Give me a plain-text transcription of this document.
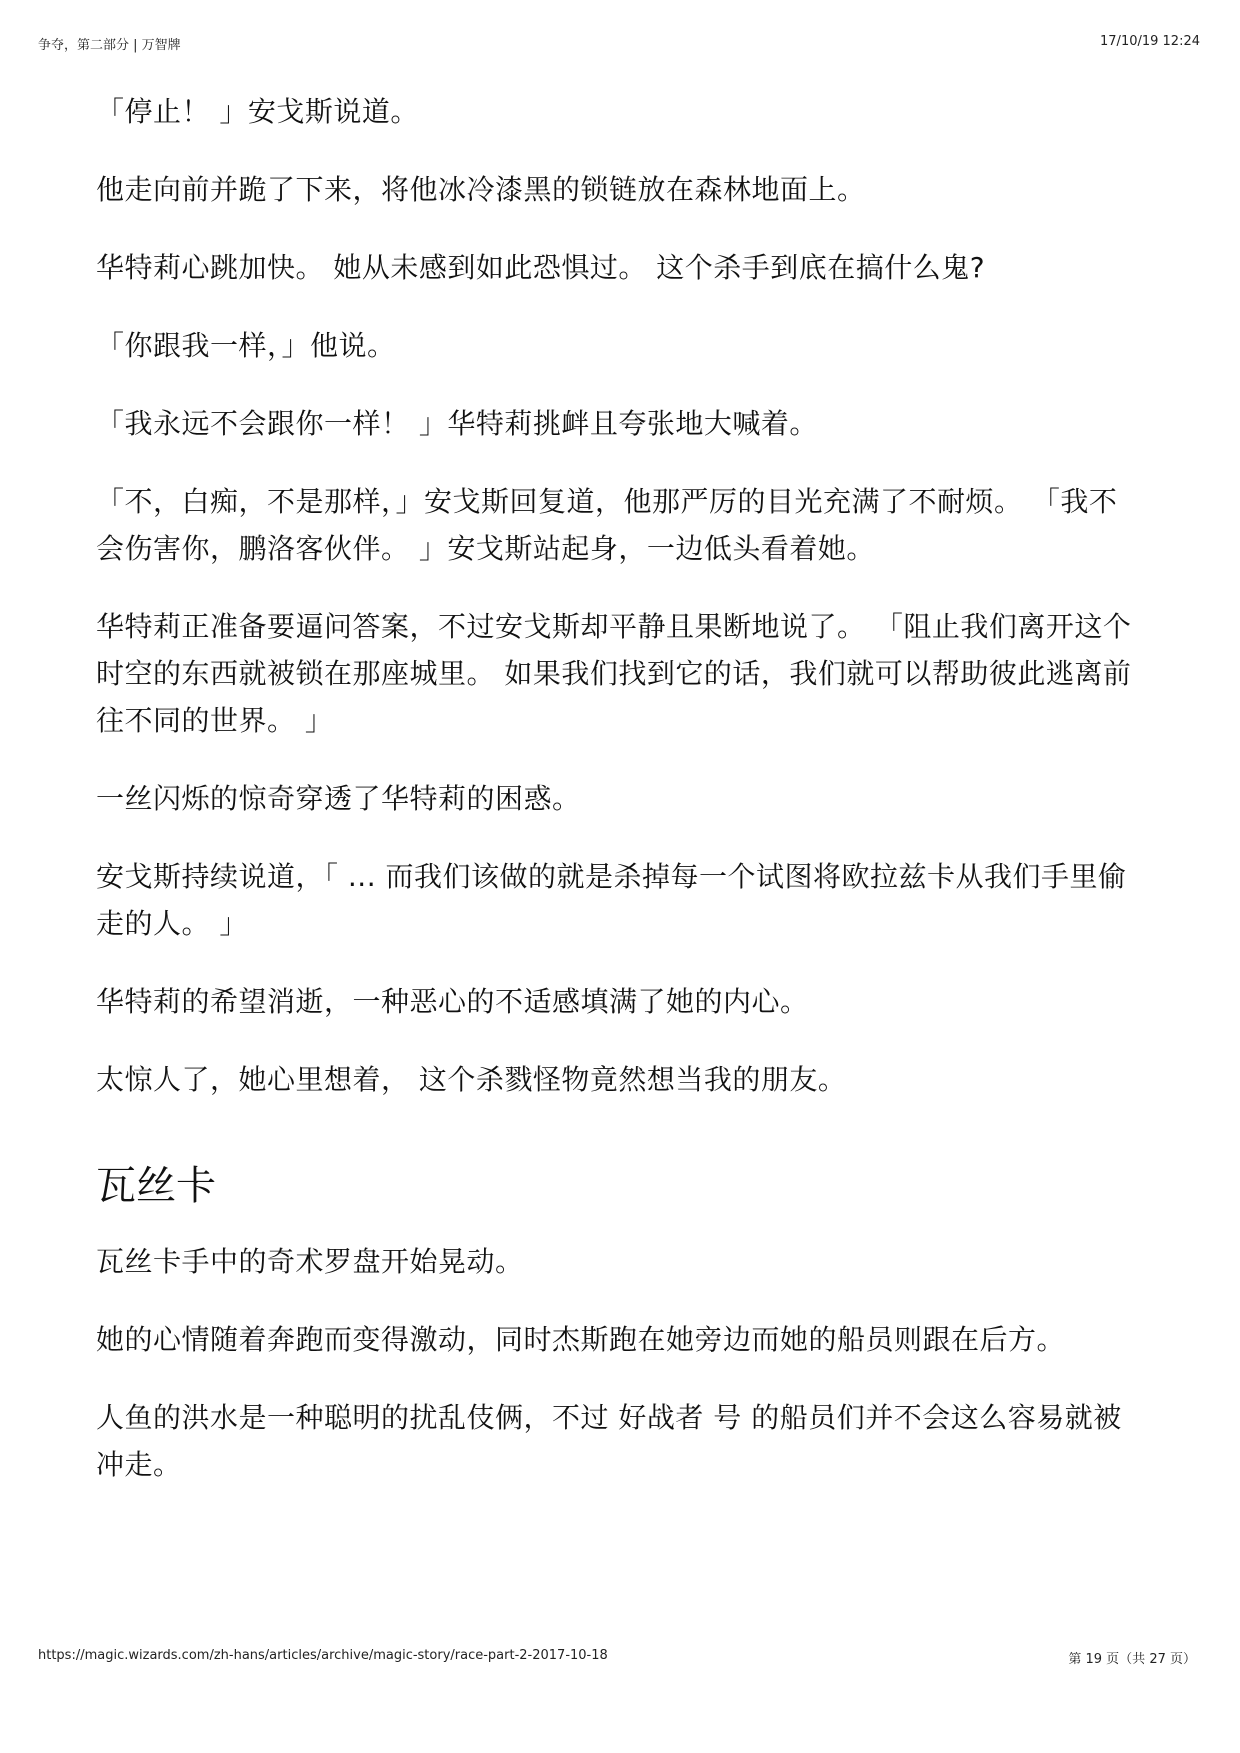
争夺，第二部分 | 万智牌	17/10/19 12:24

「停止！ 」安戈斯说道。

他走向前并跪了下来，将他冰冷漆黑的锁链放在森林地面上。

华特莉心跳加快。 她从未感到如此恐惧过。 这个杀手到底在搞什么鬼?

「你跟我一样，」他说。

「我永远不会跟你一样！ 」华特莉挑衅且夸张地大喊着。

「不，白痴，不是那样，」安戈斯回复道，他那严厉的目光充满了不耐烦。 「我不会伤害你，鹏洛客伙伴。 」安戈斯站起身，一边低头看着她。

华特莉正准备要逼问答案，不过安戈斯却平静且果断地说了。 「阻止我们离开这个时空的东西就被锁在那座城里。 如果我们找到它的话，我们就可以帮助彼此逃离前往不同的世界。 」

一丝闪烁的惊奇穿透了华特莉的困惑。

安戈斯持续说道，「 ... 而我们该做的就是杀掉每一个试图将欧拉兹卡从我们手里偷走的人。 」

华特莉的希望消逝，一种恶心的不适感填满了她的内心。

太惊人了，她心里想着， 这个杀戮怪物竟然想当我的朋友。

瓦丝卡

瓦丝卡手中的奇术罗盘开始晃动。

她的心情随着奔跑而变得激动，同时杰斯跑在她旁边而她的船员则跟在后方。

人鱼的洪水是一种聪明的扰乱伎俩，不过 好战者 号 的船员们并不会这么容易就被冲走。

https://magic.wizards.com/zh-hans/articles/archive/magic-story/race-part-2-2017-10-18	第 19 页（共 27 页）
